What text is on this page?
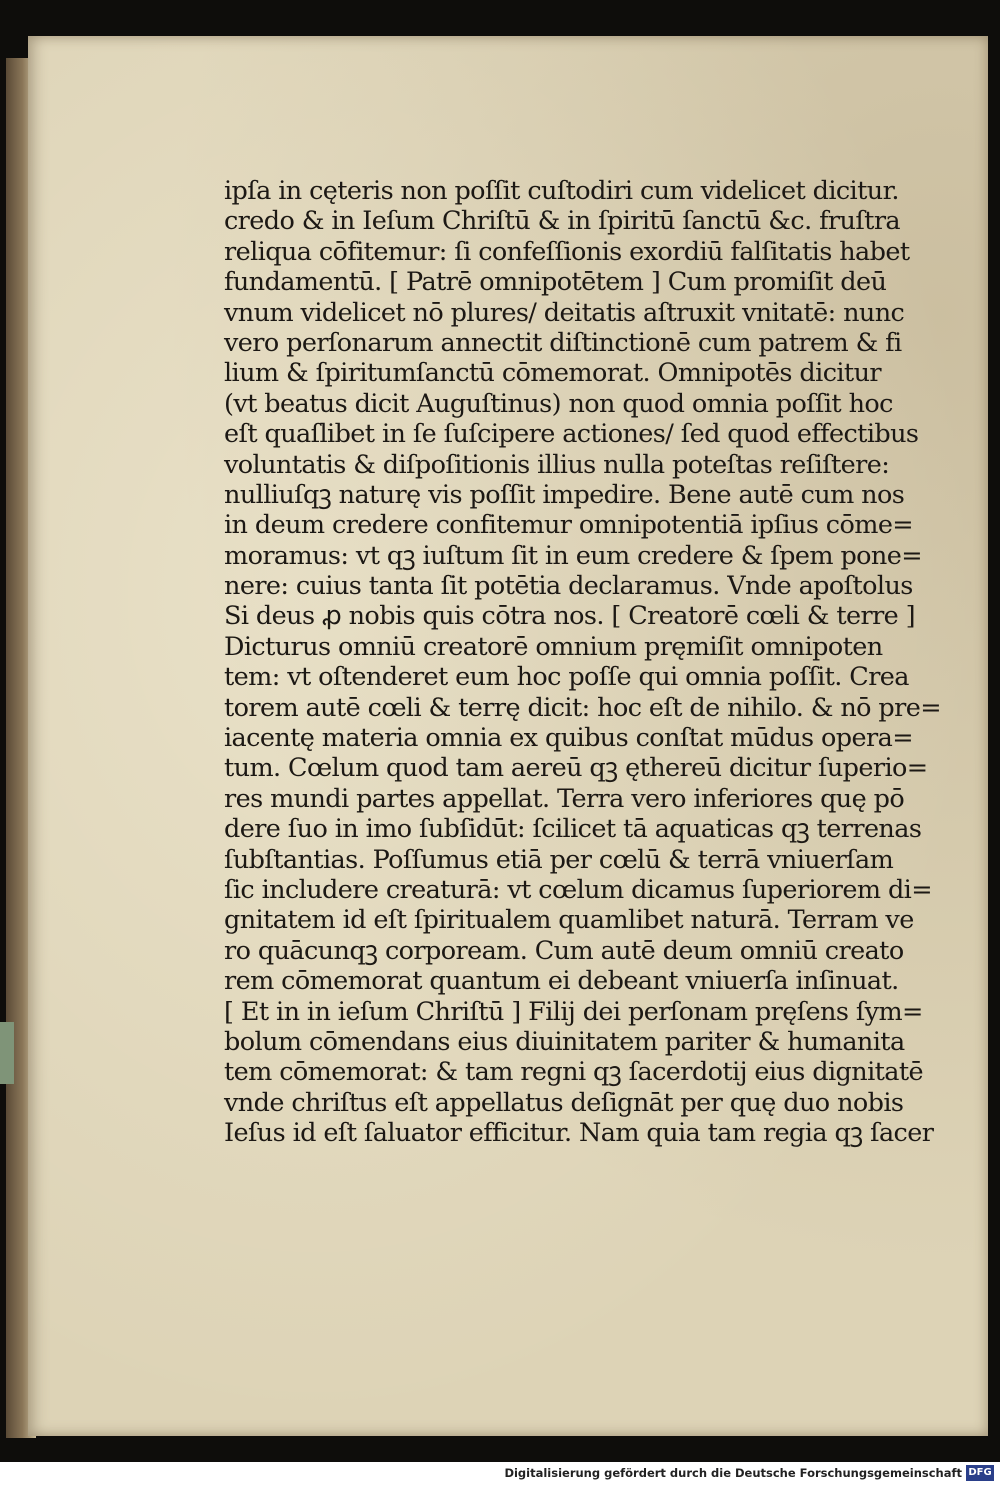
ipſa in cęteris non poſſit cuſtodiri cum videlicet dicitur.
credo & in Ieſum Chriſtū & in ſpiritū ſanctū &c. fruſtra
reliqua cōfitemur: ſi confeſſionis exordiū falſitatis habet
fundamentū. [ Patrē omnipotētem ] Cum promiſit deū
vnum videlicet nō plures/ deitatis aſtruxit vnitatē: nunc
vero perſonarum annectit diſtinctionē cum patrem & fi
lium & ſpiritumſanctū cōmemorat. Omnipotēs dicitur
(vt beatus dicit Auguſtinus) non quod omnia poſſit hoc
eſt quaſlibet in ſe ſuſcipere actiones/ ſed quod effectibus
voluntatis & diſpoſitionis illius nulla poteſtas reſiſtere:
nulliuſqꝫ naturę vis poſſit impedire. Bene autē cum nos
in deum credere confitemur omnipotentiā ipſius cōme=
moramus: vt qꝫ iuſtum ſit in eum credere & ſpem pone=
nere: cuius tanta ſit potētia declaramus. Vnde apoſtolus
Si deus ꝓ nobis quis cōtra nos. [ Creatorē cœli & terre ]
Dicturus omniū creatorē omnium pręmiſit omnipoten
tem: vt oſtenderet eum hoc poſſe qui omnia poſſit. Crea
torem autē cœli & terrę dicit: hoc eſt de nihilo. & nō pre=
iacentę materia omnia ex quibus conſtat mūdus opera=
tum. Cœlum quod tam aereū qꝫ ęthereū dicitur ſuperio=
res mundi partes appellat. Terra vero inferiores quę pō
dere ſuo in imo ſubſidūt: ſcilicet tā aquaticas qꝫ terrenas
ſubſtantias. Poſſumus etiā per cœlū & terrā vniuerſam
ſic includere creaturā: vt cœlum dicamus ſuperiorem di=
gnitatem id eſt ſpiritualem quamlibet naturā. Terram ve
ro quācunqꝫ corpoream. Cum autē deum omniū creato
rem cōmemorat quantum ei debeant vniuerſa inſinuat.
[ Et in in ieſum Chriſtū ] Filij dei perſonam pręſens ſym=
bolum cōmendans eius diuinitatem pariter & humanita
tem cōmemorat: & tam regni qꝫ ſacerdotij eius dignitatē
vnde chriſtus eſt appellatus deſignāt per quę duo nobis
Ieſus id eſt ſaluator efficitur. Nam quia tam regia qꝫ ſacer
Digitalisierung gefördert durch die Deutsche Forschungsgemeinschaft DFG
